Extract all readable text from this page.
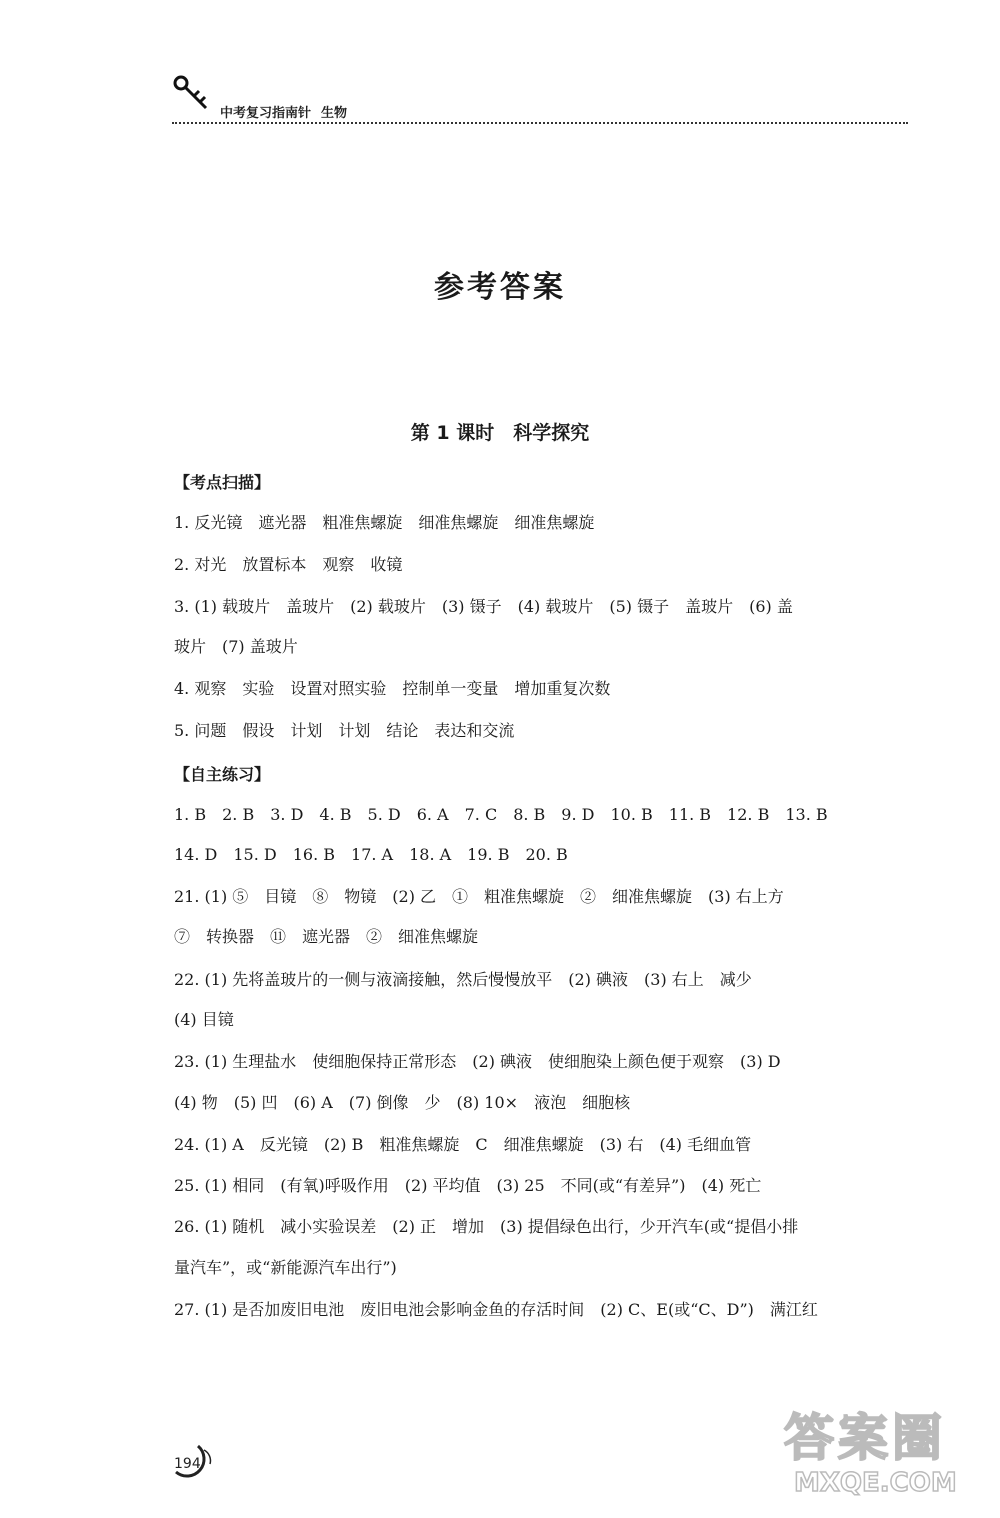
中考复习指南针 生物
参考答案
第 1 课时　科学探究
【考点扫描】
1. 反光镜　遮光器　粗准焦螺旋　细准焦螺旋　细准焦螺旋
2. 对光　放置标本　观察　收镜
3. (1) 载玻片　盖玻片　(2) 载玻片　(3) 镊子　(4) 载玻片　(5) 镊子　盖玻片　(6) 盖
玻片　(7) 盖玻片
4. 观察　实验　设置对照实验　控制单一变量　增加重复次数
5. 问题　假设　计划　计划　结论　表达和交流
【自主练习】
1. B　2. B　3. D　4. B　5. D　6. A　7. C　8. B　9. D　10. B　11. B　12. B　13. B
14. D　15. D　16. B　17. A　18. A　19. B　20. B
21. (1) ⑤　目镜　⑧　物镜　(2) 乙　①　粗准焦螺旋　②　细准焦螺旋　(3) 右上方
⑦　转换器　⑪　遮光器　②　细准焦螺旋
22. (1) 先将盖玻片的一侧与液滴接触，然后慢慢放平　(2) 碘液　(3) 右上　减少
(4) 目镜
23. (1) 生理盐水　使细胞保持正常形态　(2) 碘液　使细胞染上颜色便于观察　(3) D
(4) 物　(5) 凹　(6) A　(7) 倒像　少　(8) 10×　液泡　细胞核
24. (1) A　反光镜　(2) B　粗准焦螺旋　C　细准焦螺旋　(3) 右　(4) 毛细血管
25. (1) 相同　(有氧)呼吸作用　(2) 平均值　(3) 25　不同(或“有差异”)　(4) 死亡
26. (1) 随机　减小实验误差　(2) 正　增加　(3) 提倡绿色出行，少开汽车(或“提倡小排
量汽车”，或“新能源汽车出行”)
27. (1) 是否加废旧电池　废旧电池会影响金鱼的存活时间　(2) C、E(或“C、D”)　满江红
194	答案圈
MXQE.COM
